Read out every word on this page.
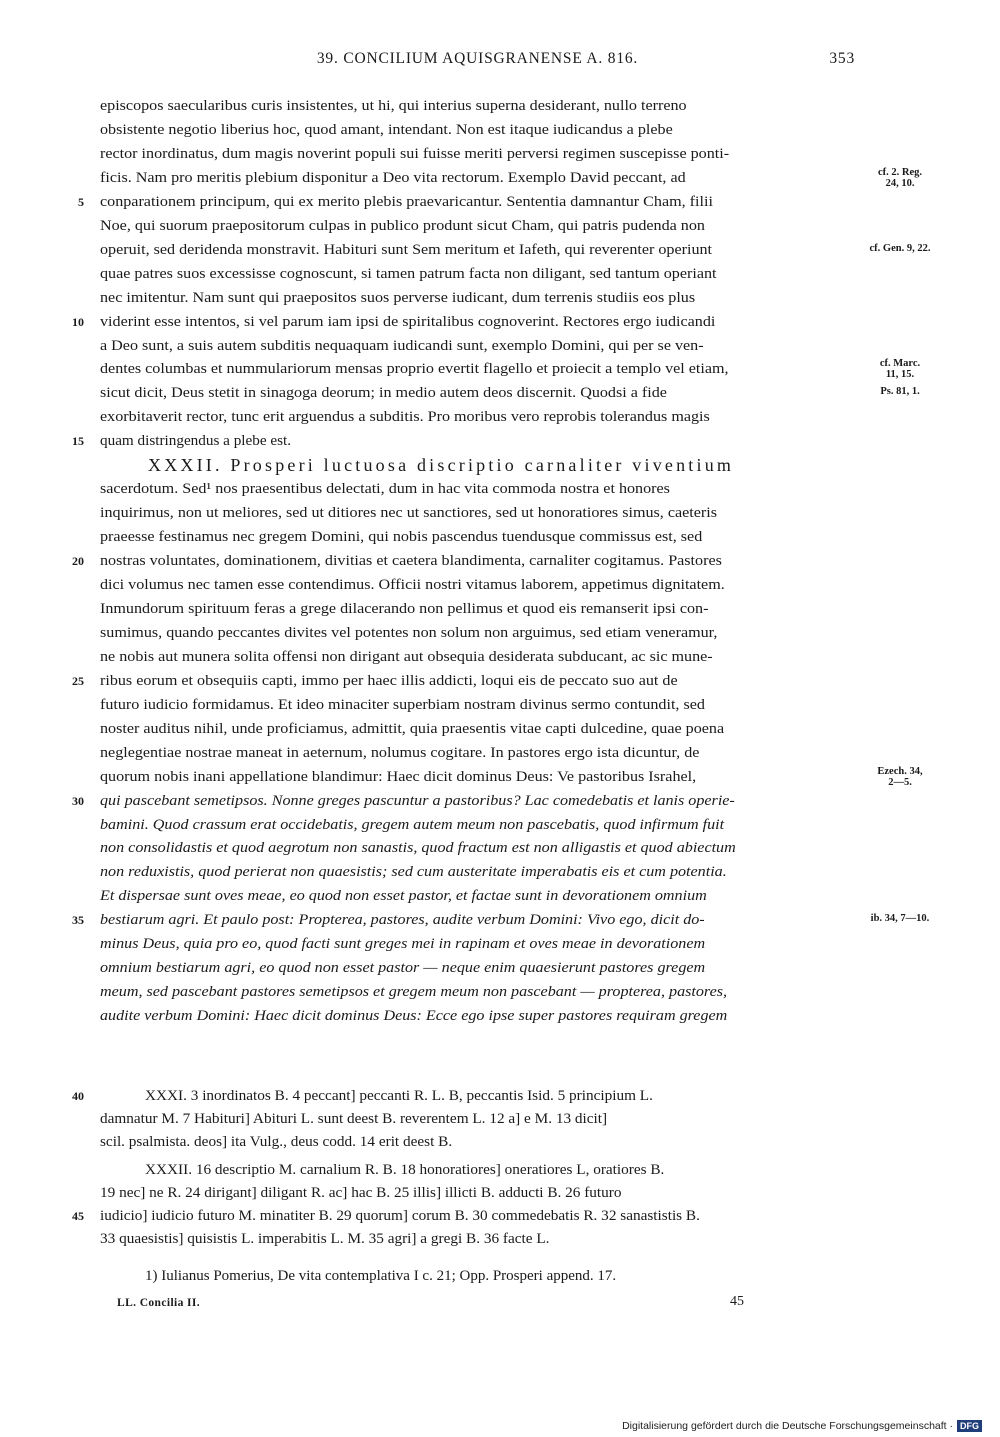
39. CONCILIUM AQUISGRANENSE A. 816.	353
episcopos saecularibus curis insistentes, ut hi, qui interius superna desiderant, nullo terreno
obsistente negotio liberius hoc, quod amant, intendant. Non est itaque iudicandus a plebe
rector inordinatus, dum magis noverint populi sui fuisse meriti perversi regimen suscepisse ponti-
ficis. Nam pro meritis plebium disponitur a Deo vita rectorum. Exemplo David peccant, ad	cf. 2. Reg.
24, 10.
conparationem principum, qui ex merito plebis praevaricantur. Sententia damnantur Cham, filii
5
Noe, qui suorum praepositorum culpas in publico produnt sicut Cham, qui patris pudenda non
operuit, sed deridenda monstravit. Habituri sunt Sem meritum et Iafeth, qui reverenter operiunt	cf. Gen. 9, 22.
quae patres suos excessisse cognoscunt, si tamen patrum facta non diligant, sed tantum operiant
nec imitentur. Nam sunt qui praepositos suos perverse iudicant, dum terrenis studiis eos plus
viderint esse intentos, si vel parum iam ipsi de spiritalibus cognoverint. Rectores ergo iudicandi
10
a Deo sunt, a suis autem subditis nequaquam iudicandi sunt, exemplo Domini, qui per se ven-
dentes columbas et nummulariorum mensas proprio evertit flagello et proiecit a templo vel etiam,	cf. Marc.
11, 15.
sicut dicit, Deus stetit in sinagoga deorum; in medio autem deos discernit. Quodsi a fide	Ps. 81, 1.
exorbitaverit rector, tunc erit arguendus a subditis. Pro moribus vero reprobis tolerandus magis
quam distringendus a plebe est.
15
XXXII. Prosperi luctuosa discriptio carnaliter viventium
sacerdotum. Sed¹ nos praesentibus delectati, dum in hac vita commoda nostra et honores
inquirimus, non ut meliores, sed ut ditiores nec ut sanctiores, sed ut honoratiores simus, caeteris
praeesse festinamus nec gregem Domini, qui nobis pascendus tuendusque commissus est, sed
nostras voluntates, dominationem, divitias et caetera blandimenta, carnaliter cogitamus. Pastores
20
dici volumus nec tamen esse contendimus. Officii nostri vitamus laborem, appetimus dignitatem.
Inmundorum spirituum feras a grege dilacerando non pellimus et quod eis remanserit ipsi con-
sumimus, quando peccantes divites vel potentes non solum non arguimus, sed etiam veneramur,
ne nobis aut munera solita offensi non dirigant aut obsequia desiderata subducant, ac sic mune-
ribus eorum et obsequiis capti, immo per haec illis addicti, loqui eis de peccato suo aut de
25
futuro iudicio formidamus. Et ideo minaciter superbiam nostram divinus sermo contundit, sed
noster auditus nihil, unde proficiamus, admittit, quia praesentis vitae capti dulcedine, quae poena
neglegentiae nostrae maneat in aeternum, nolumus cogitare. In pastores ergo ista dicuntur, de
quorum nobis inani appellatione blandimur: Haec dicit dominus Deus: Ve pastoribus Israhel,	Ezech. 34,
2—5.
qui pascebant semetipsos. Nonne greges pascuntur a pastoribus? Lac comedebatis et lanis operie-
30
bamini. Quod crassum erat occidebatis, gregem autem meum non pascebatis, quod infirmum fuit
non consolidastis et quod aegrotum non sanastis, quod fractum est non alligastis et quod abiectum
non reduxistis, quod perierat non quaesistis; sed cum austeritate imperabatis eis et cum potentia.
Et dispersae sunt oves meae, eo quod non esset pastor, et factae sunt in devorationem omnium
bestiarum agri. Et paulo post: Propterea, pastores, audite verbum Domini: Vivo ego, dicit do-
35	ib. 34, 7—10.
minus Deus, quia pro eo, quod facti sunt greges mei in rapinam et oves meae in devorationem
omnium bestiarum agri, eo quod non esset pastor — neque enim quaesierunt pastores gregem
meum, sed pascebant pastores semetipsos et gregem meum non pascebant — propterea, pastores,
audite verbum Domini: Haec dicit dominus Deus: Ecce ego ipse super pastores requiram gregem
XXXI. 3 inordinatos B. 4 peccant] peccanti R. L. B, peccantis Isid. 5 principium L.
40
damnatur M. 7 Habituri] Abituri L. sunt deest B. reverentem L. 12 a] e M. 13 dicit]
scil. psalmista. deos] ita Vulg., deus codd. 14 erit deest B.
XXXII. 16 descriptio M. carnalium R. B. 18 honoratiores] oneratiores L, oratiores B.
19 nec] ne R. 24 dirigant] diligant R. ac] hac B. 25 illis] illicti B. adducti B. 26 futuro
iudicio] iudicio futuro M. minatiter B. 29 quorum] corum B. 30 commedebatis R. 32 sanastistis B.
45
33 quaesistis] quisistis L. imperabitis L. M. 35 agri] a gregi B. 36 facte L.
1) Iulianus Pomerius, De vita contemplativa I c. 21; Opp. Prosperi append. 17.
LL. Concilia II.	45
Digitalisierung gefördert durch die Deutsche Forschungsgemeinschaft · DFG
